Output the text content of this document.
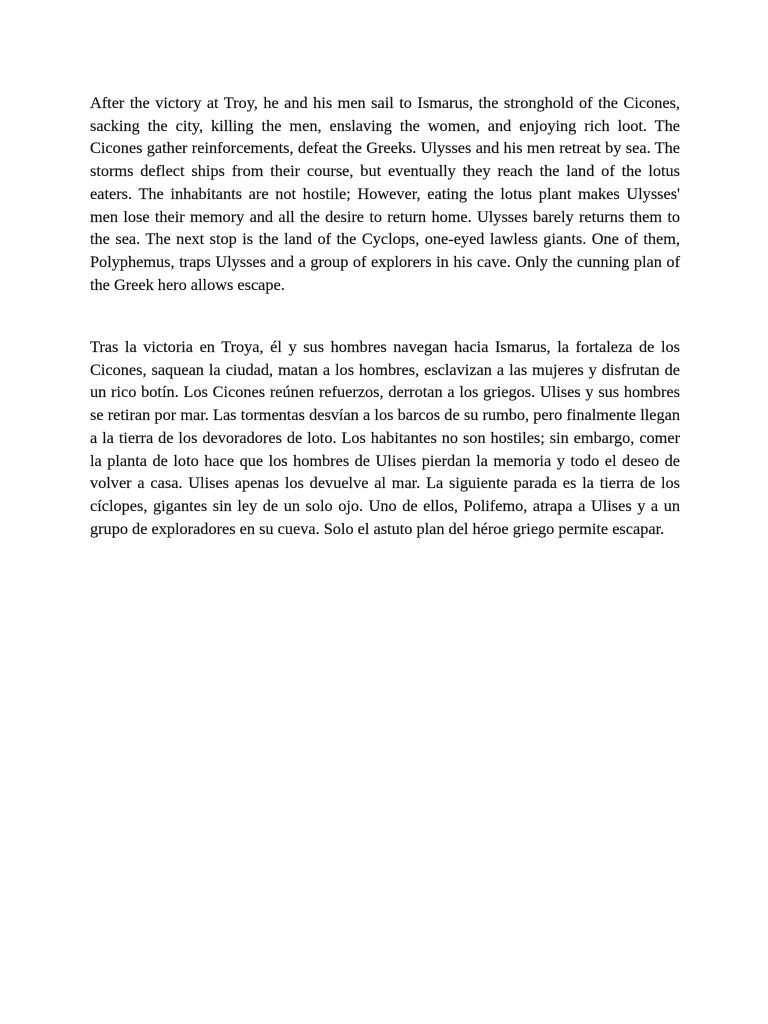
After the victory at Troy, he and his men sail to Ismarus, the stronghold of the Cicones, sacking the city, killing the men, enslaving the women, and enjoying rich loot. The Cicones gather reinforcements, defeat the Greeks. Ulysses and his men retreat by sea. The storms deflect ships from their course, but eventually they reach the land of the lotus eaters. The inhabitants are not hostile; However, eating the lotus plant makes Ulysses' men lose their memory and all the desire to return home. Ulysses barely returns them to the sea. The next stop is the land of the Cyclops, one-eyed lawless giants. One of them, Polyphemus, traps Ulysses and a group of explorers in his cave. Only the cunning plan of the Greek hero allows escape.

Tras la victoria en Troya, él y sus hombres navegan hacia Ismarus, la fortaleza de los Cicones, saquean la ciudad, matan a los hombres, esclavizan a las mujeres y disfrutan de un rico botín. Los Cicones reúnen refuerzos, derrotan a los griegos. Ulises y sus hombres se retiran por mar. Las tormentas desvían a los barcos de su rumbo, pero finalmente llegan a la tierra de los devoradores de loto. Los habitantes no son hostiles; sin embargo, comer la planta de loto hace que los hombres de Ulises pierdan la memoria y todo el deseo de volver a casa. Ulises apenas los devuelve al mar. La siguiente parada es la tierra de los cíclopes, gigantes sin ley de un solo ojo. Uno de ellos, Polifemo, atrapa a Ulises y a un grupo de exploradores en su cueva. Solo el astuto plan del héroe griego permite escapar.
